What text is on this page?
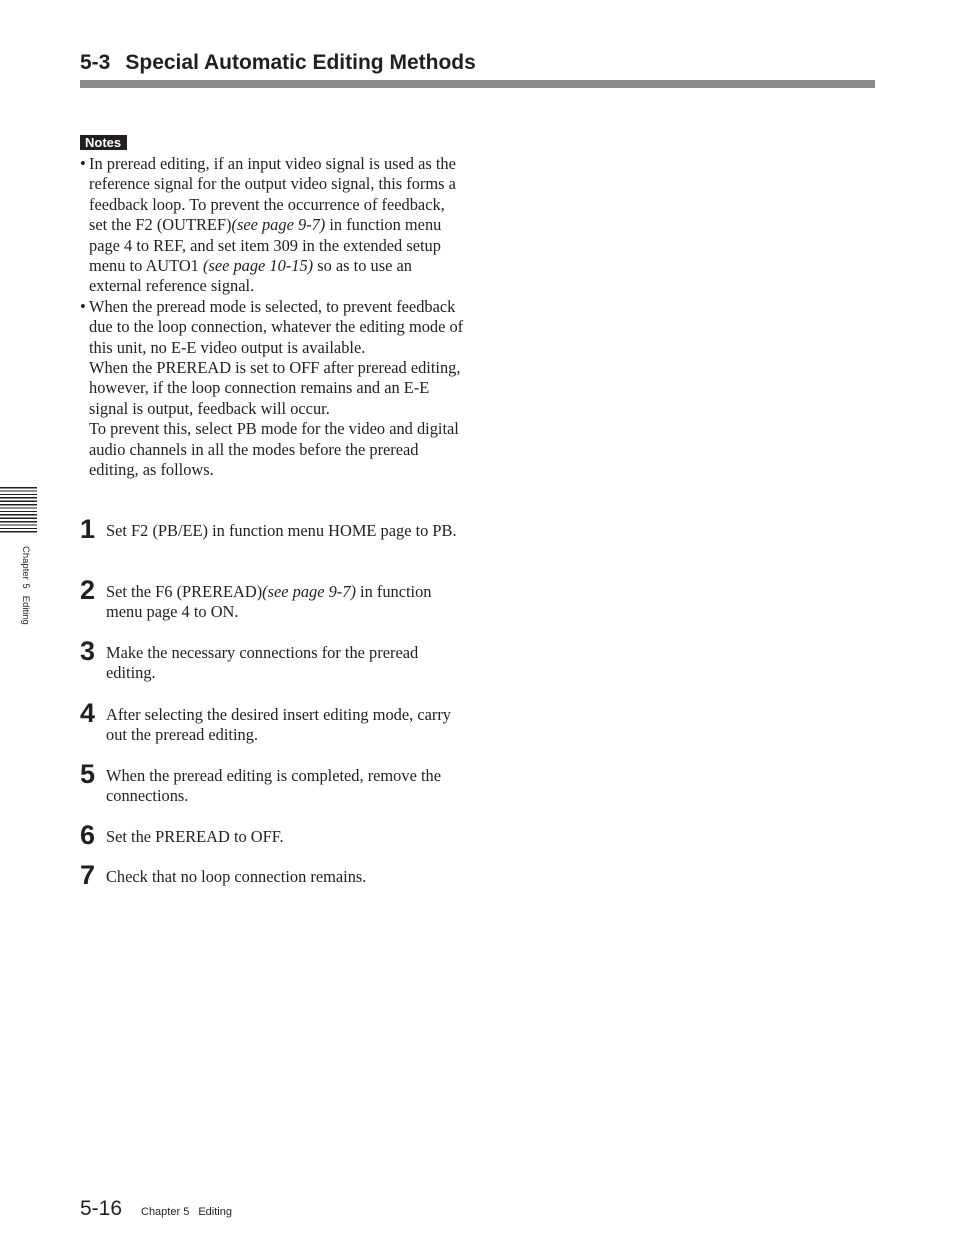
5-3 Special Automatic Editing Methods
Notes
• In preread editing, if an input video signal is used as the reference signal for the output video signal, this forms a feedback loop. To prevent the occurrence of feedback, set the F2 (OUTREF)(see page 9-7) in function menu page 4 to REF, and set item 309 in the extended setup menu to AUTO1 (see page 10-15) so as to use an external reference signal.

• When the preread mode is selected, to prevent feedback due to the loop connection, whatever the editing mode of this unit, no E-E video output is available.

When the PREREAD is set to OFF after preread editing, however, if the loop connection remains and an E-E signal is output, feedback will occur.

To prevent this, select PB mode for the video and digital audio channels in all the modes before the preread editing, as follows.

1 Set F2 (PB/EE) in function menu HOME page to PB.
2 Set the F6 (PREREAD)(see page 9-7) in function menu page 4 to ON.
3 Make the necessary connections for the preread editing.
4 After selecting the desired insert editing mode, carry out the preread editing.
5 When the preread editing is completed, remove the connections.
6 Set the PREREAD to OFF.
7 Check that no loop connection remains.
Chapter 5Editing
5-16 Chapter 5 Editing
